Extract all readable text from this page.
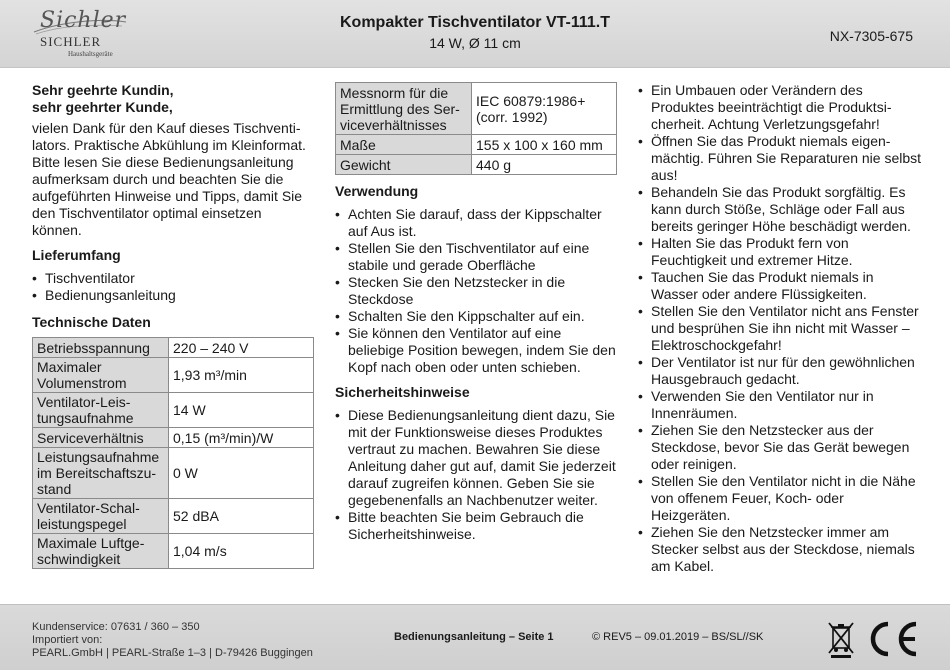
Sichler
SICHLER
Haushaltsgeräte
Kompakter Tischventilator VT-111.T
14 W, Ø 11 cm	NX-7305-675
Sehr geehrte Kundin,
sehr geehrter Kunde,
vielen Dank für den Kauf dieses Tischventilators. Praktische Abkühlung im Kleinformat. Bitte lesen Sie diese Bedienungsanleitung aufmerksam durch und beachten Sie die aufgeführten Hinweise und Tipps, damit Sie den Tischventilator optimal einsetzen können.
Lieferumfang
• Tischventilator
• Bedienungsanleitung
Technische Daten
Betriebsspannung	220 – 240 V
Maximaler Volumenstrom	1,93 m³/min
Ventilator-Leistungsaufnahme	14 W
Serviceverhältnis	0,15 (m³/min)/W
Leistungsaufnahme im Bereitschaftszustand	0 W
Ventilator-Schalleistungspegel	52 dBA
Maximale Luftgeschwindigkeit	1,04 m/s
Messnorm für die Ermittlung des Serviceverhältnisses	IEC 60879:1986+ (corr. 1992)
Maße	155 x 100 x 160 mm
Gewicht	440 g
Verwendung
• Achten Sie darauf, dass der Kippschalter auf Aus ist.
• Stellen Sie den Tischventilator auf eine stabile und gerade Oberfläche
• Stecken Sie den Netzstecker in die Steckdose
• Schalten Sie den Kippschalter auf ein.
• Sie können den Ventilator auf eine beliebige Position bewegen, indem Sie den Kopf nach oben oder unten schieben.
Sicherheitshinweise
• Diese Bedienungsanleitung dient dazu, Sie mit der Funktionsweise dieses Produktes vertraut zu machen. Bewahren Sie diese Anleitung daher gut auf, damit Sie jederzeit darauf zugreifen können. Geben Sie sie gegebenenfalls an Nachbenutzer weiter.
• Bitte beachten Sie beim Gebrauch die Sicherheitshinweise.
• Ein Umbauen oder Verändern des Produktes beeinträchtigt die Produktsicherheit. Achtung Verletzungsgefahr!
• Öffnen Sie das Produkt niemals eigenmächtig. Führen Sie Reparaturen nie selbst aus!
• Behandeln Sie das Produkt sorgfältig. Es kann durch Stöße, Schläge oder Fall aus bereits geringer Höhe beschädigt werden.
• Halten Sie das Produkt fern von Feuchtigkeit und extremer Hitze.
• Tauchen Sie das Produkt niemals in Wasser oder andere Flüssigkeiten.
• Stellen Sie den Ventilator nicht ans Fenster und besprühen Sie ihn nicht mit Wasser – Elektroschockgefahr!
• Der Ventilator ist nur für den gewöhnlichen Hausgebrauch gedacht.
• Verwenden Sie den Ventilator nur in Innenräumen.
• Ziehen Sie den Netzstecker aus der Steckdose, bevor Sie das Gerät bewegen oder reinigen.
• Stellen Sie den Ventilator nicht in die Nähe von offenem Feuer, Koch- oder Heizgeräten.
• Ziehen Sie den Netzstecker immer am Stecker selbst aus der Steckdose, niemals am Kabel.
Kundenservice: 07631 / 360 – 350
Importiert von:
PEARL.GmbH | PEARL-Straße 1–3 | D-79426 Buggingen
Bedienungsanleitung – Seite 1	© REV5 – 09.01.2019 – BS/SL//SK
